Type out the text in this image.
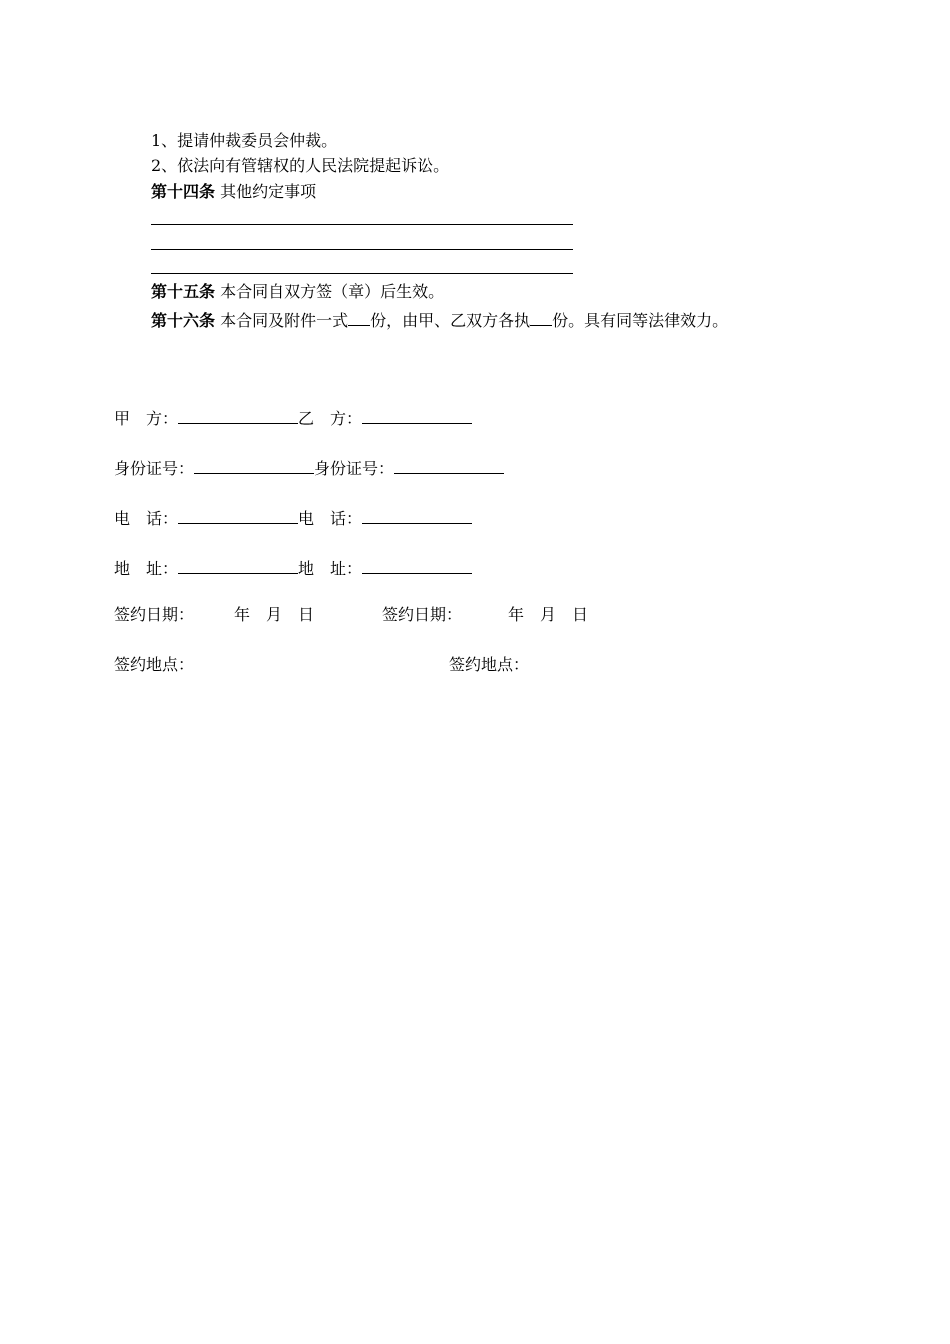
1、提请仲裁委员会仲裁。
2、依法向有管辖权的人民法院提起诉讼。
第十四条 其他约定事项
第十五条 本合同自双方签（章）后生效。
第十六条 本合同及附件一式 份，由甲、乙双方各执 份。具有同等法律效力。
甲　方：	乙　方：
身份证号：	身份证号：
电　话：	电　话：
地　址：	地　址：
签约日期：	年 月 日	签约日期：	年 月 日
签约地点：	签约地点：
